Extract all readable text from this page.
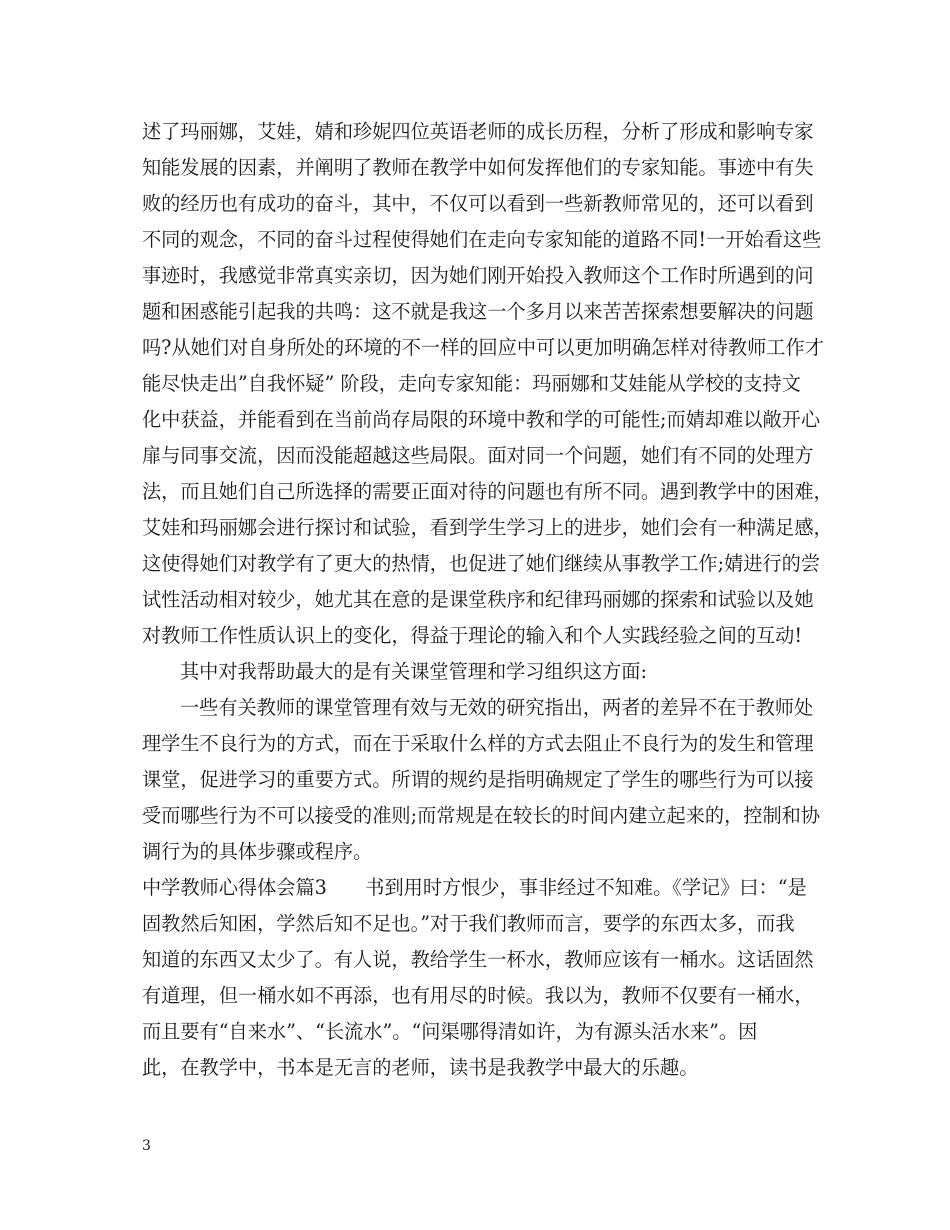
述了玛丽娜，艾娃，婧和珍妮四位英语老师的成长历程，分析了形成和影响专家
知能发展的因素，并阐明了教师在教学中如何发挥他们的专家知能。事迹中有失
败的经历也有成功的奋斗，其中，不仅可以看到一些新教师常见的，还可以看到
不同的观念，不同的奋斗过程使得她们在走向专家知能的道路不同!一开始看这些
事迹时，我感觉非常真实亲切，因为她们刚开始投入教师这个工作时所遇到的问
题和困惑能引起我的共鸣：这不就是我这一个多月以来苦苦探索想要解决的问题
吗?从她们对自身所处的环境的不一样的回应中可以更加明确怎样对待教师工作才
能尽快走出”自我怀疑” 阶段，走向专家知能：玛丽娜和艾娃能从学校的支持文
化中获益，并能看到在当前尚存局限的环境中教和学的可能性;而婧却难以敞开心
扉与同事交流，因而没能超越这些局限。面对同一个问题，她们有不同的处理方
法，而且她们自己所选择的需要正面对待的问题也有所不同。遇到教学中的困难，
艾娃和玛丽娜会进行探讨和试验，看到学生学习上的进步，她们会有一种满足感，
这使得她们对教学有了更大的热情，也促进了她们继续从事教学工作;婧进行的尝
试性活动相对较少，她尤其在意的是课堂秩序和纪律玛丽娜的探索和试验以及她
对教师工作性质认识上的变化，得益于理论的输入和个人实践经验之间的互动!
其中对我帮助最大的是有关课堂管理和学习组织这方面:
一些有关教师的课堂管理有效与无效的研究指出，两者的差异不在于教师处
理学生不良行为的方式，而在于采取什么样的方式去阻止不良行为的发生和管理
课堂，促进学习的重要方式。所谓的规约是指明确规定了学生的哪些行为可以接
受而哪些行为不可以接受的准则;而常规是在较长的时间内建立起来的，控制和协
调行为的具体步骤或程序。
中学教师心得体会篇3　　书到用时方恨少，事非经过不知难。《学记》曰：“是
固教然后知困，学然后知不足也。”对于我们教师而言，要学的东西太多，而我
知道的东西又太少了。有人说，教给学生一杯水，教师应该有一桶水。这话固然
有道理，但一桶水如不再添，也有用尽的时候。我以为，教师不仅要有一桶水，
而且要有“自来水”、“长流水”。“问渠哪得清如许，为有源头活水来”。因
此，在教学中，书本是无言的老师，读书是我教学中最大的乐趣。
3
